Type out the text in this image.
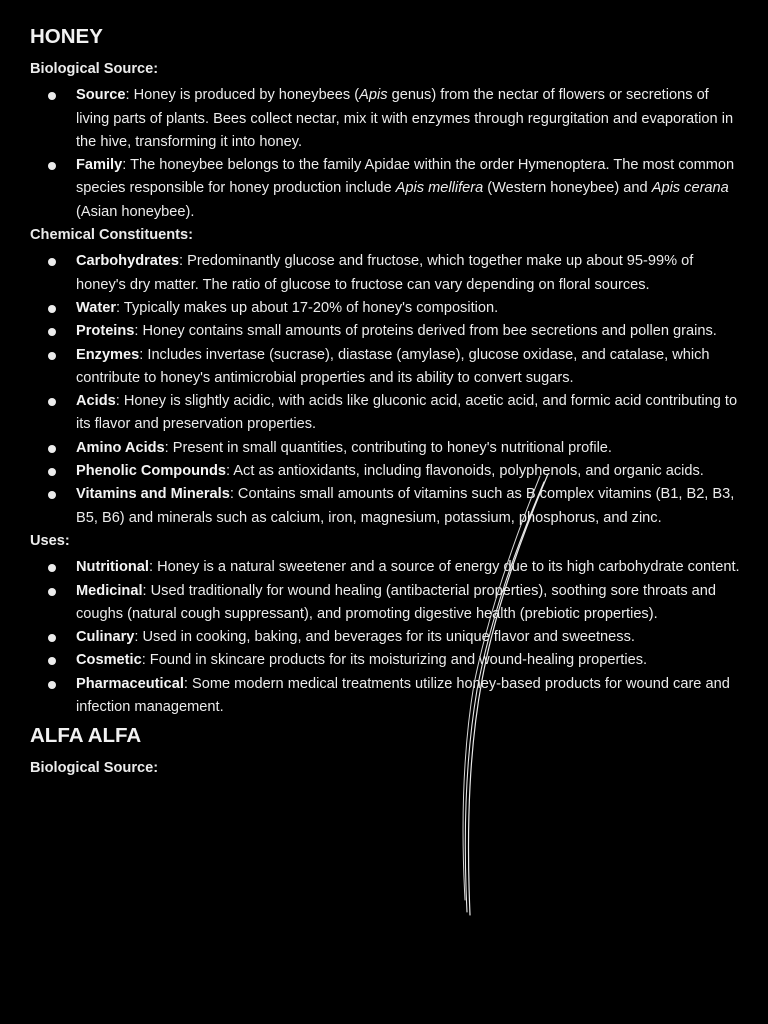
HONEY
Biological Source:
Source: Honey is produced by honeybees (Apis genus) from the nectar of flowers or secretions of living parts of plants. Bees collect nectar, mix it with enzymes through regurgitation and evaporation in the hive, transforming it into honey.
Family: The honeybee belongs to the family Apidae within the order Hymenoptera. The most common species responsible for honey production include Apis mellifera (Western honeybee) and Apis cerana (Asian honeybee).
Chemical Constituents:
Carbohydrates: Predominantly glucose and fructose, which together make up about 95-99% of honey's dry matter. The ratio of glucose to fructose can vary depending on floral sources.
Water: Typically makes up about 17-20% of honey's composition.
Proteins: Honey contains small amounts of proteins derived from bee secretions and pollen grains.
Enzymes: Includes invertase (sucrase), diastase (amylase), glucose oxidase, and catalase, which contribute to honey's antimicrobial properties and its ability to convert sugars.
Acids: Honey is slightly acidic, with acids like gluconic acid, acetic acid, and formic acid contributing to its flavor and preservation properties.
Amino Acids: Present in small quantities, contributing to honey's nutritional profile.
Phenolic Compounds: Act as antioxidants, including flavonoids, polyphenols, and organic acids.
Vitamins and Minerals: Contains small amounts of vitamins such as B complex vitamins (B1, B2, B3, B5, B6) and minerals such as calcium, iron, magnesium, potassium, phosphorus, and zinc.
Uses:
Nutritional: Honey is a natural sweetener and a source of energy due to its high carbohydrate content.
Medicinal: Used traditionally for wound healing (antibacterial properties), soothing sore throats and coughs (natural cough suppressant), and promoting digestive health (prebiotic properties).
Culinary: Used in cooking, baking, and beverages for its unique flavor and sweetness.
Cosmetic: Found in skincare products for its moisturizing and wound-healing properties.
Pharmaceutical: Some modern medical treatments utilize honey-based products for wound care and infection management.
ALFA ALFA
Biological Source:
